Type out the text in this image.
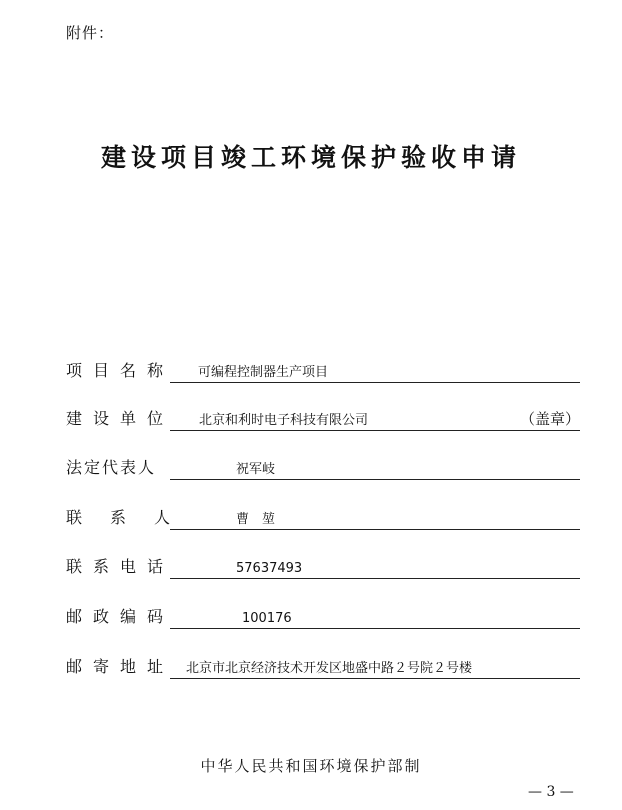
附件：
建设项目竣工环境保护验收申请
项目名称 可编程控制器生产项目
建设单位 北京和利时电子科技有限公司	（盖章）
法定代表人	祝军岐
联系人	曹　堃
联系电话	57637493
邮政编码	100176
邮寄地址 北京市北京经济技术开发区地盛中路２号院２号楼
中华人民共和国环境保护部制
— 3 —
